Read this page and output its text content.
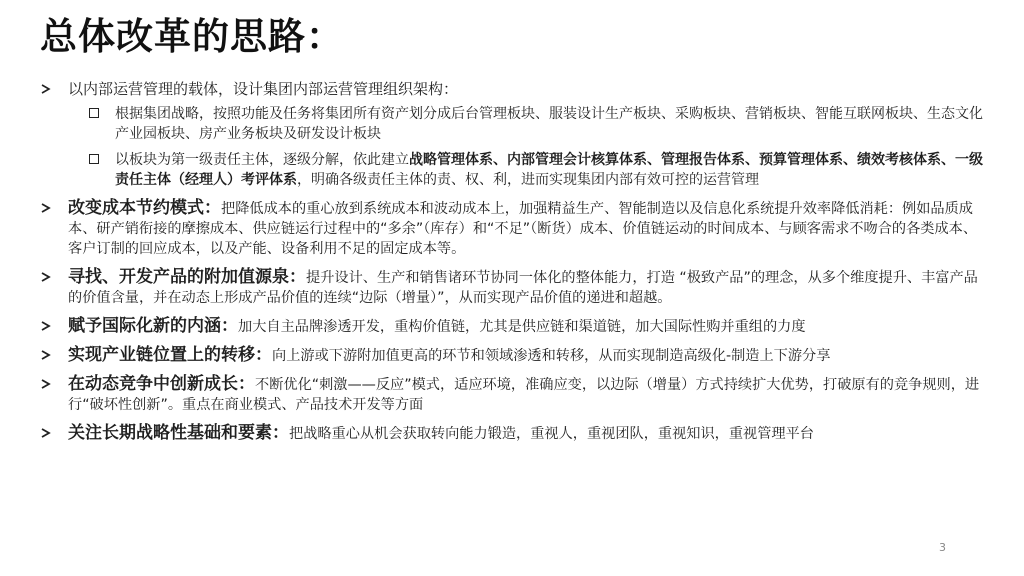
总体改革的思路：
以内部运营管理的载体，设计集团内部运营管理组织架构：
根据集团战略，按照功能及任务将集团所有资产划分成后台管理板块、服装设计生产板块、采购板块、营销板块、智能互联网板块、生态文化产业园板块、房产业务板块及研发设计板块
以板块为第一级责任主体，逐级分解，依此建立战略管理体系、内部管理会计核算体系、管理报告体系、预算管理体系、绩效考核体系、一级责任主体（经理人）考评体系，明确各级责任主体的责、权、利，进而实现集团内部有效可控的运营管理
改变成本节约模式：把降低成本的重心放到系统成本和波动成本上，加强精益生产、智能制造以及信息化系统提升效率降低消耗：例如品质成本、研产销衔接的摩擦成本、供应链运行过程中的“多余”（库存）和“不足”（断货）成本、价值链运动的时间成本、与顾客需求不吻合的各类成本、客户订制的回应成本，以及产能、设备利用不足的固定成本等。
寻找、开发产品的附加值源泉：提升设计、生产和销售诸环节协同一体化的整体能力，打造 “极致产品”的理念，从多个维度提升、丰富产品的价值含量，并在动态上形成产品价值的连续“边际（增量）”，从而实现产品价值的递进和超越。
赋予国际化新的内涵：加大自主品牌渗透开发，重构价值链，尤其是供应链和渠道链，加大国际性购并重组的力度
实现产业链位置上的转移：向上游或下游附加值更高的环节和领域渗透和转移，从而实现制造高级化-制造上下游分享
在动态竞争中创新成长：不断优化“刺激——反应”模式，适应环境，准确应变，以边际（增量）方式持续扩大优势，打破原有的竞争规则，进行“破坏性创新”。重点在商业模式、产品技术开发等方面
关注长期战略性基础和要素：把战略重心从机会获取转向能力锻造，重视人，重视团队，重视知识，重视管理平台
3
